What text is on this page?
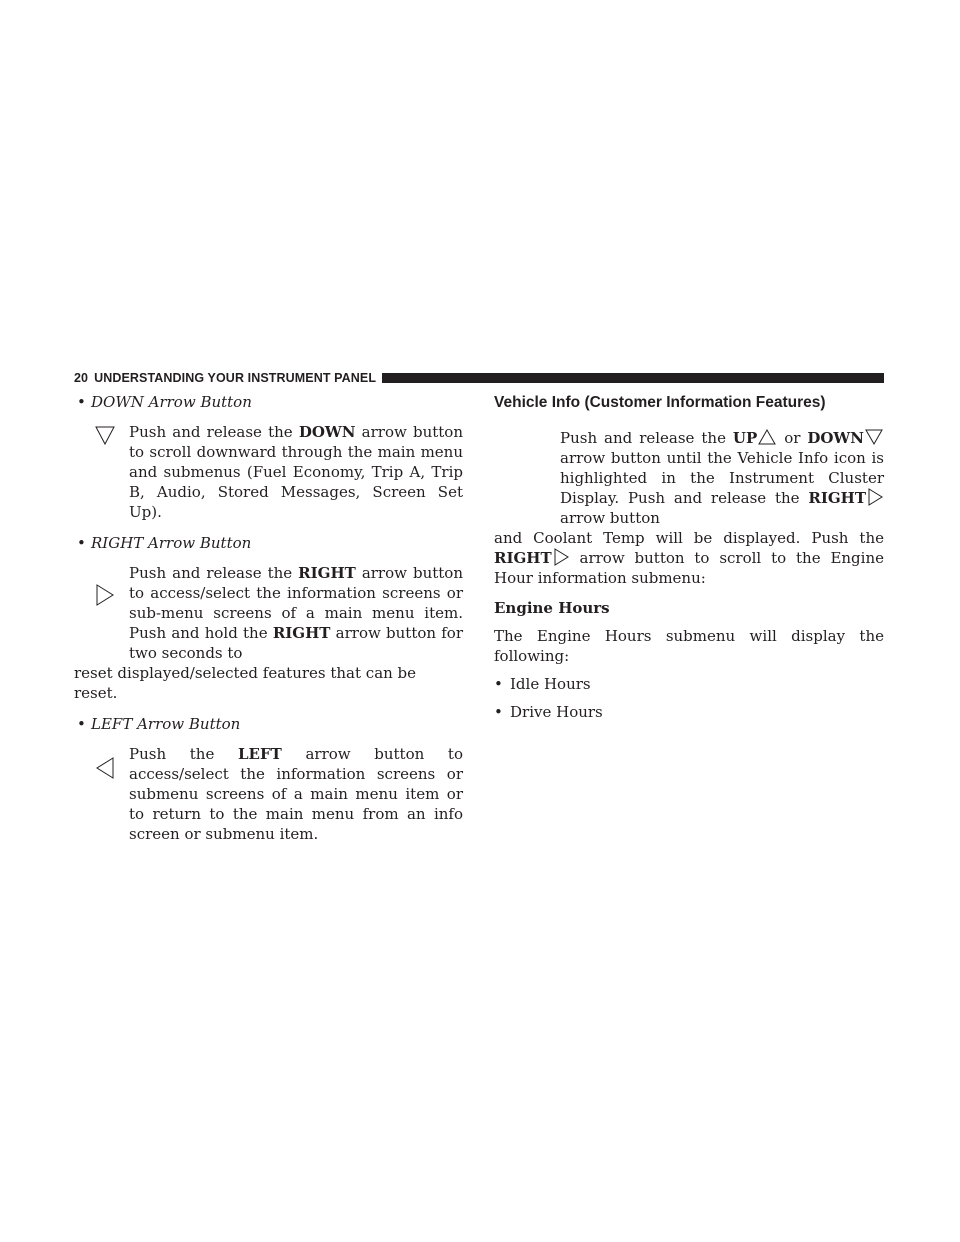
20 UNDERSTANDING YOUR INSTRUMENT PANEL
• DOWN Arrow Button

Push and release the DOWN arrow button to scroll downward through the main menu and submenus (Fuel Economy, Trip A, Trip B, Audio, Stored Messages, Screen Set Up).

• RIGHT Arrow Button

Push and release the RIGHT arrow button to access/select the information screens or sub-menu screens of a main menu item. Push and hold the RIGHT arrow button for two seconds to

reset displayed/selected features that can be reset.

• LEFT Arrow Button

Push the LEFT arrow button to access/select the information screens or submenu screens of a main menu item or to return to the main menu from an info screen or submenu item.

Vehicle Info (Customer Information Features)

Push and release the UP or DOWN arrow button until the Vehicle Info icon is highlighted in the Instrument Cluster Display. Push and release the RIGHT arrow button

and Coolant Temp will be displayed. Push the RIGHT arrow button to scroll to the Engine Hour information submenu:

Engine Hours

The Engine Hours submenu will display the following:

• Idle Hours
• Drive Hours
